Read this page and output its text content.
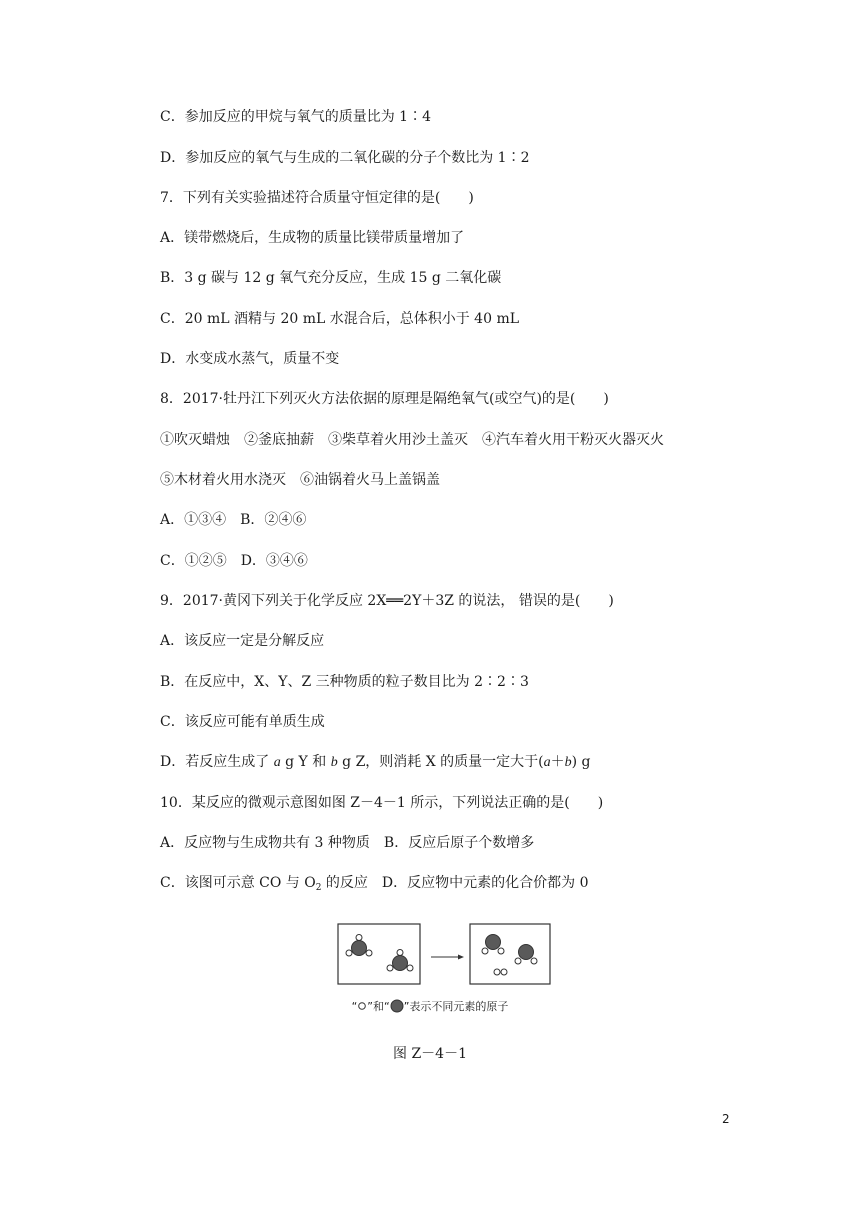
C．参加反应的甲烷与氧气的质量比为 1∶4
D．参加反应的氧气与生成的二氧化碳的分子个数比为 1∶2
7．下列有关实验描述符合质量守恒定律的是(　　)
A．镁带燃烧后，生成物的质量比镁带质量增加了
B．3 g 碳与 12 g 氧气充分反应，生成 15 g 二氧化碳
C．20 mL 酒精与 20 mL 水混合后，总体积小于 40 mL
D．水变成水蒸气，质量不变
8．2017·牡丹江下列灭火方法依据的原理是隔绝氧气(或空气)的是(　　)
①吹灭蜡烛　②釜底抽薪　③柴草着火用沙土盖灭　④汽车着火用干粉灭火器灭火
⑤木材着火用水浇灭　⑥油锅着火马上盖锅盖
A．①③④　B．②④⑥
C．①②⑤　D．③④⑥
9．2017·黄冈下列关于化学反应 2X══2Y＋3Z 的说法， 错误的是(　　)
A．该反应一定是分解反应
B．在反应中，X、Y、Z 三种物质的粒子数目比为 2∶2∶3
C．该反应可能有单质生成
D．若反应生成了 a g Y 和 b g Z，则消耗 X 的质量一定大于(a＋b) g
10．某反应的微观示意图如图 Z－4－1 所示，下列说法正确的是(　　)
A．反应物与生成物共有 3 种物质　B．反应后原子个数增多
C．该图可示意 CO 与 $O_2$ 的反应　D．反应物中元素的化合价都为 0
“ ”和“ ”表示不同元素的原子
图 Z－4－1
2
